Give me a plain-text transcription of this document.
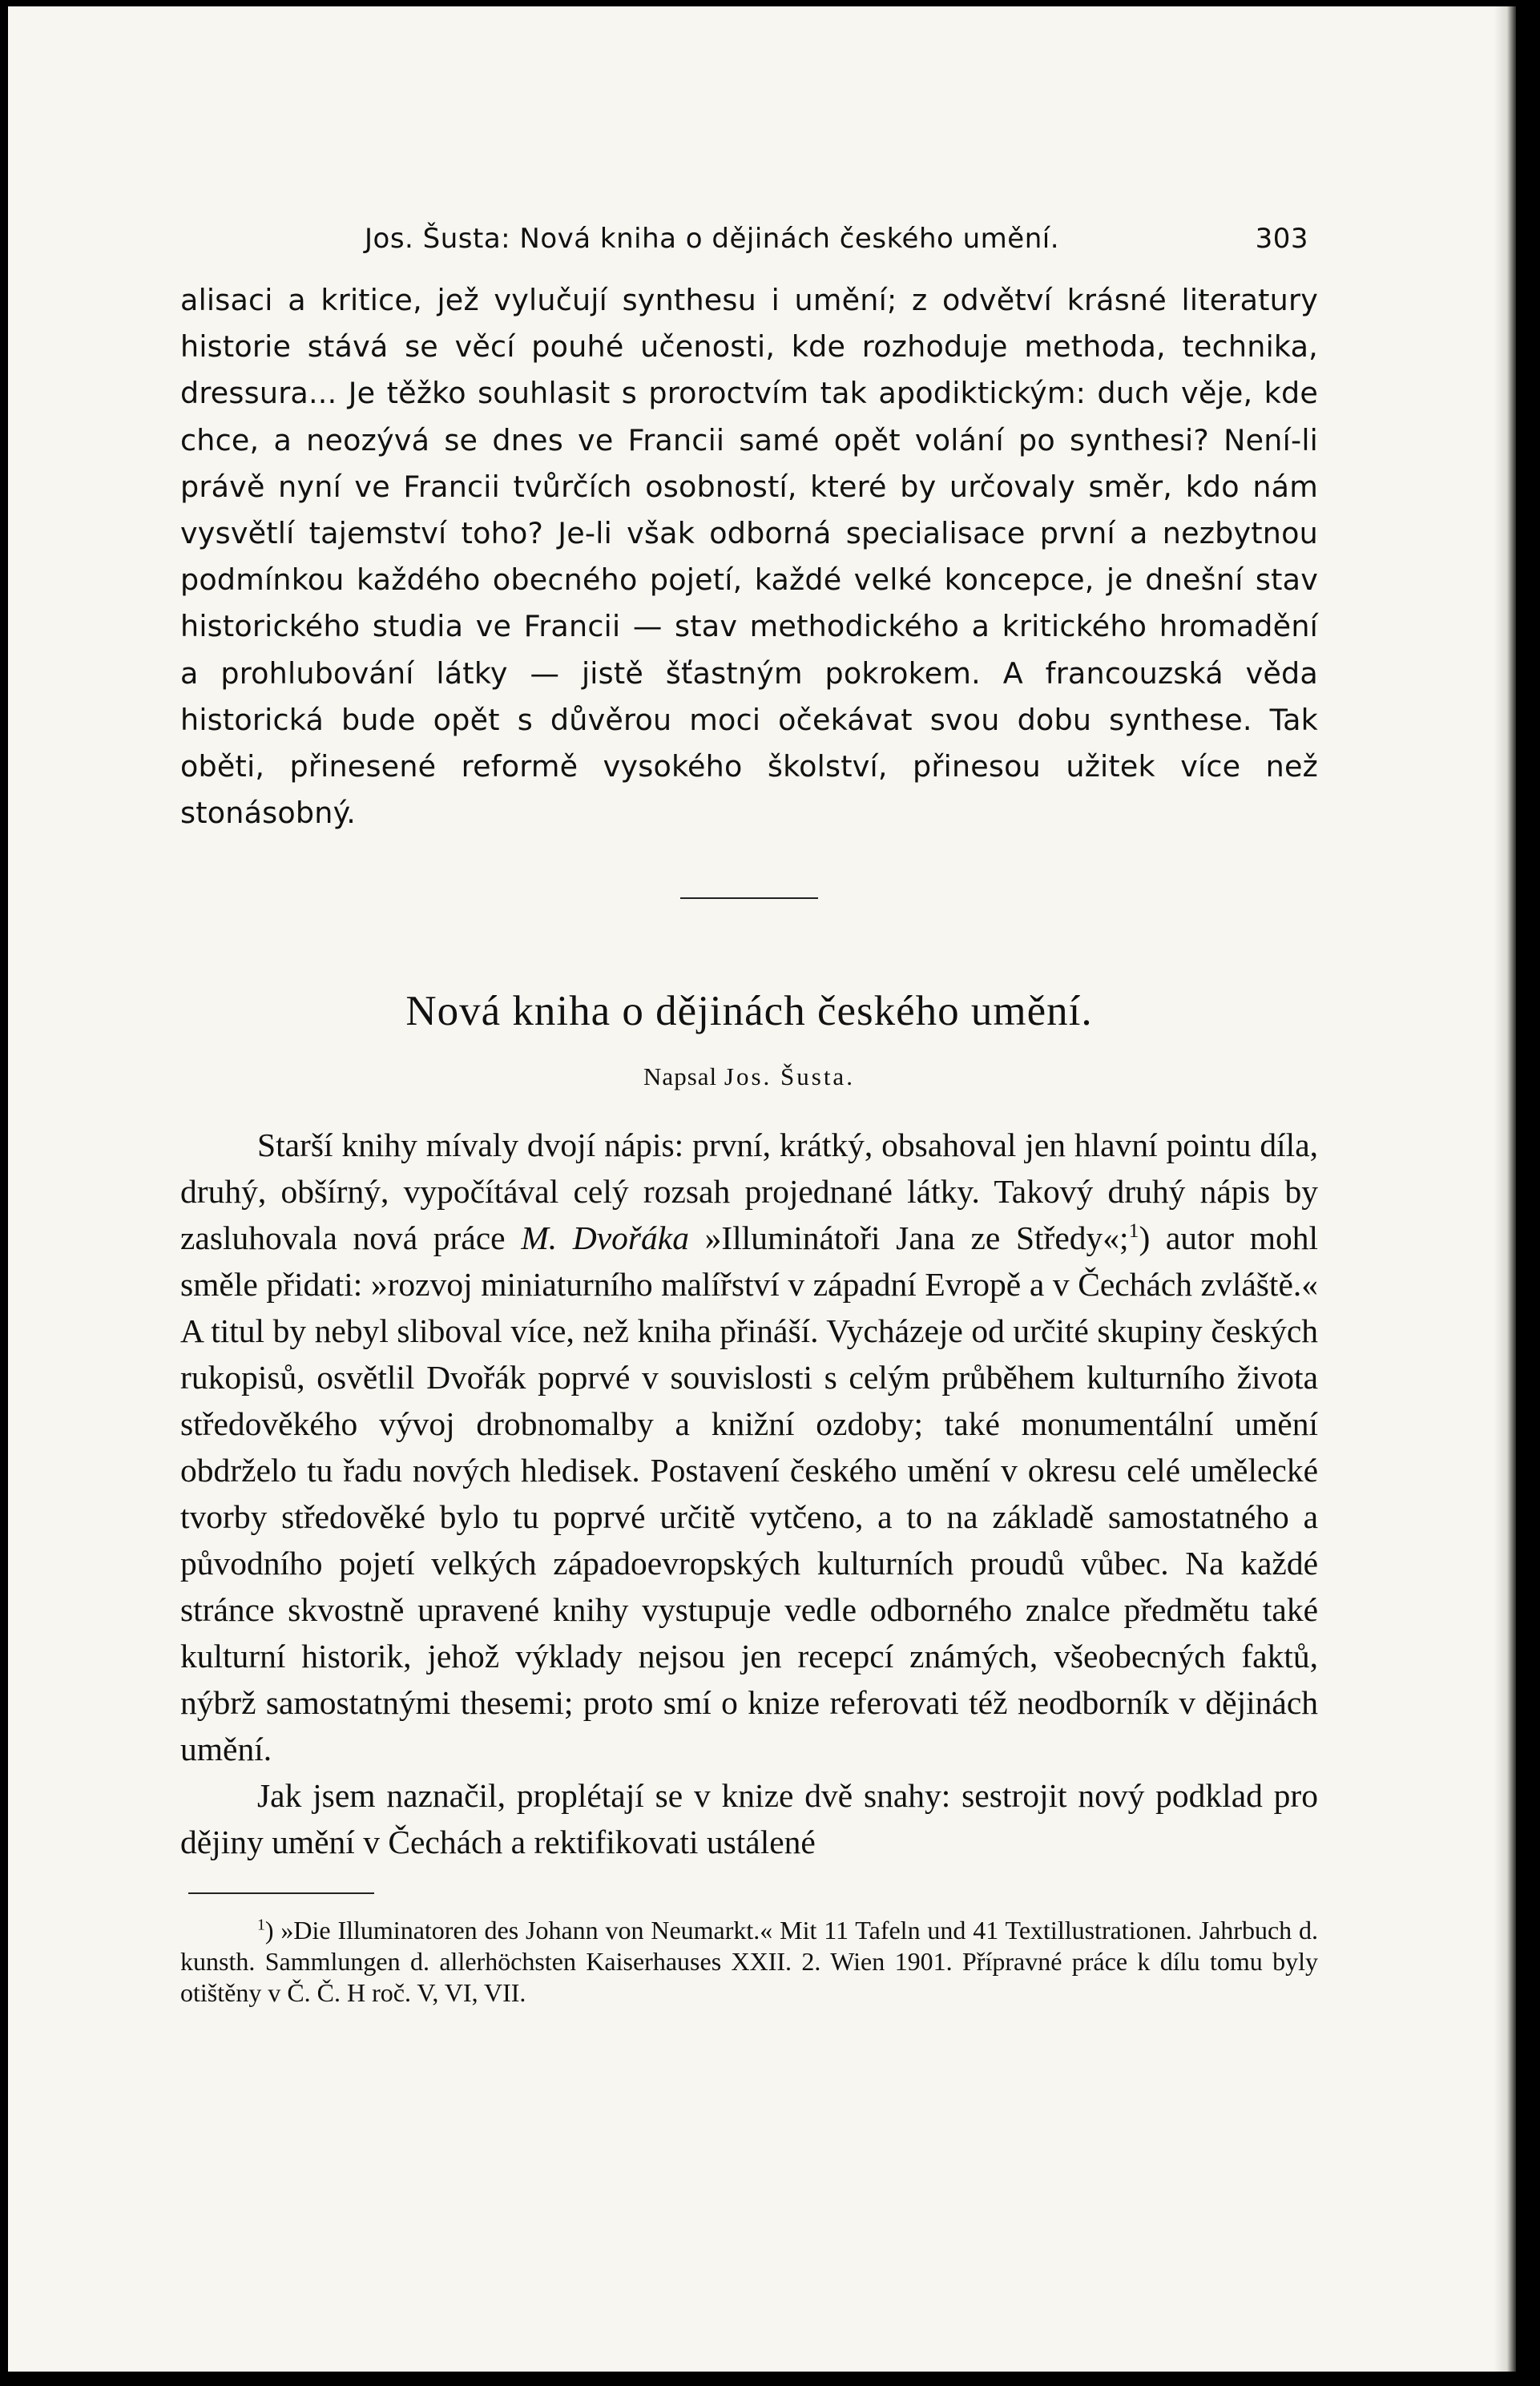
Jos. Šusta: Nová kniha o dějinách českého umění.	303

alisaci a kritice, jež vylučují synthesu i umění; z odvětví krásné literatury historie stává se věcí pouhé učenosti, kde rozhoduje methoda, technika, dressura... Je těžko souhlasit s proroctvím tak apodiktickým: duch věje, kde chce, a neozývá se dnes ve Francii samé opět volání po synthesi? Není-li právě nyní ve Francii tvůrčích osobností, které by určovaly směr, kdo nám vysvětlí tajemství toho? Je-li však odborná specialisace první a nezbytnou podmínkou každého obecného pojetí, každé velké koncepce, je dnešní stav historického studia ve Francii — stav methodického a kritického hromadění a prohlubování látky — jistě šťastným pokrokem. A francouzská věda historická bude opět s důvěrou moci očekávat svou dobu synthese. Tak oběti, přinesené reformě vysokého školství, přinesou užitek více než stonásobný.

Nová kniha o dějinách českého umění.
Napsal Jos. Šusta.

Starší knihy mívaly dvojí nápis: první, krátký, obsahoval jen hlavní pointu díla, druhý, obšírný, vypočítával celý rozsah projednané látky. Takový druhý nápis by zasluhovala nová práce M. Dvořáka »Illuminátoři Jana ze Středy«;$^1$) autor mohl směle přidati: »rozvoj miniaturního malířství v západní Evropě a v Čechách zvláště.« A titul by nebyl sliboval více, než kniha přináší. Vycházeje od určité skupiny českých rukopisů, osvětlil Dvořák poprvé v souvislosti s celým průběhem kulturního života středověkého vývoj drobnomalby a knižní ozdoby; také monumentální umění obdrželo tu řadu nových hledisek. Postavení českého umění v okresu celé umělecké tvorby středověké bylo tu poprvé určitě vytčeno, a to na základě samostatného a původního pojetí velkých západoevropských kulturních proudů vůbec. Na každé stránce skvostně upravené knihy vystupuje vedle odborného znalce předmětu také kulturní historik, jehož výklady nejsou jen recepcí známých, všeobecných faktů, nýbrž samostatnými thesemi; proto smí o knize referovati též neodborník v dějinách umění.

Jak jsem naznačil, proplétají se v knize dvě snahy: sestrojit nový podklad pro dějiny umění v Čechách a rektifikovati ustálené

$^1$) »Die Illuminatoren des Johann von Neumarkt.« Mit 11 Tafeln und 41 Textillustrationen. Jahrbuch d. kunsth. Sammlungen d. allerhöchsten Kaiserhauses XXII. 2. Wien 1901. Přípravné práce k dílu tomu byly otištěny v Č. Č. H roč. V, VI, VII.
